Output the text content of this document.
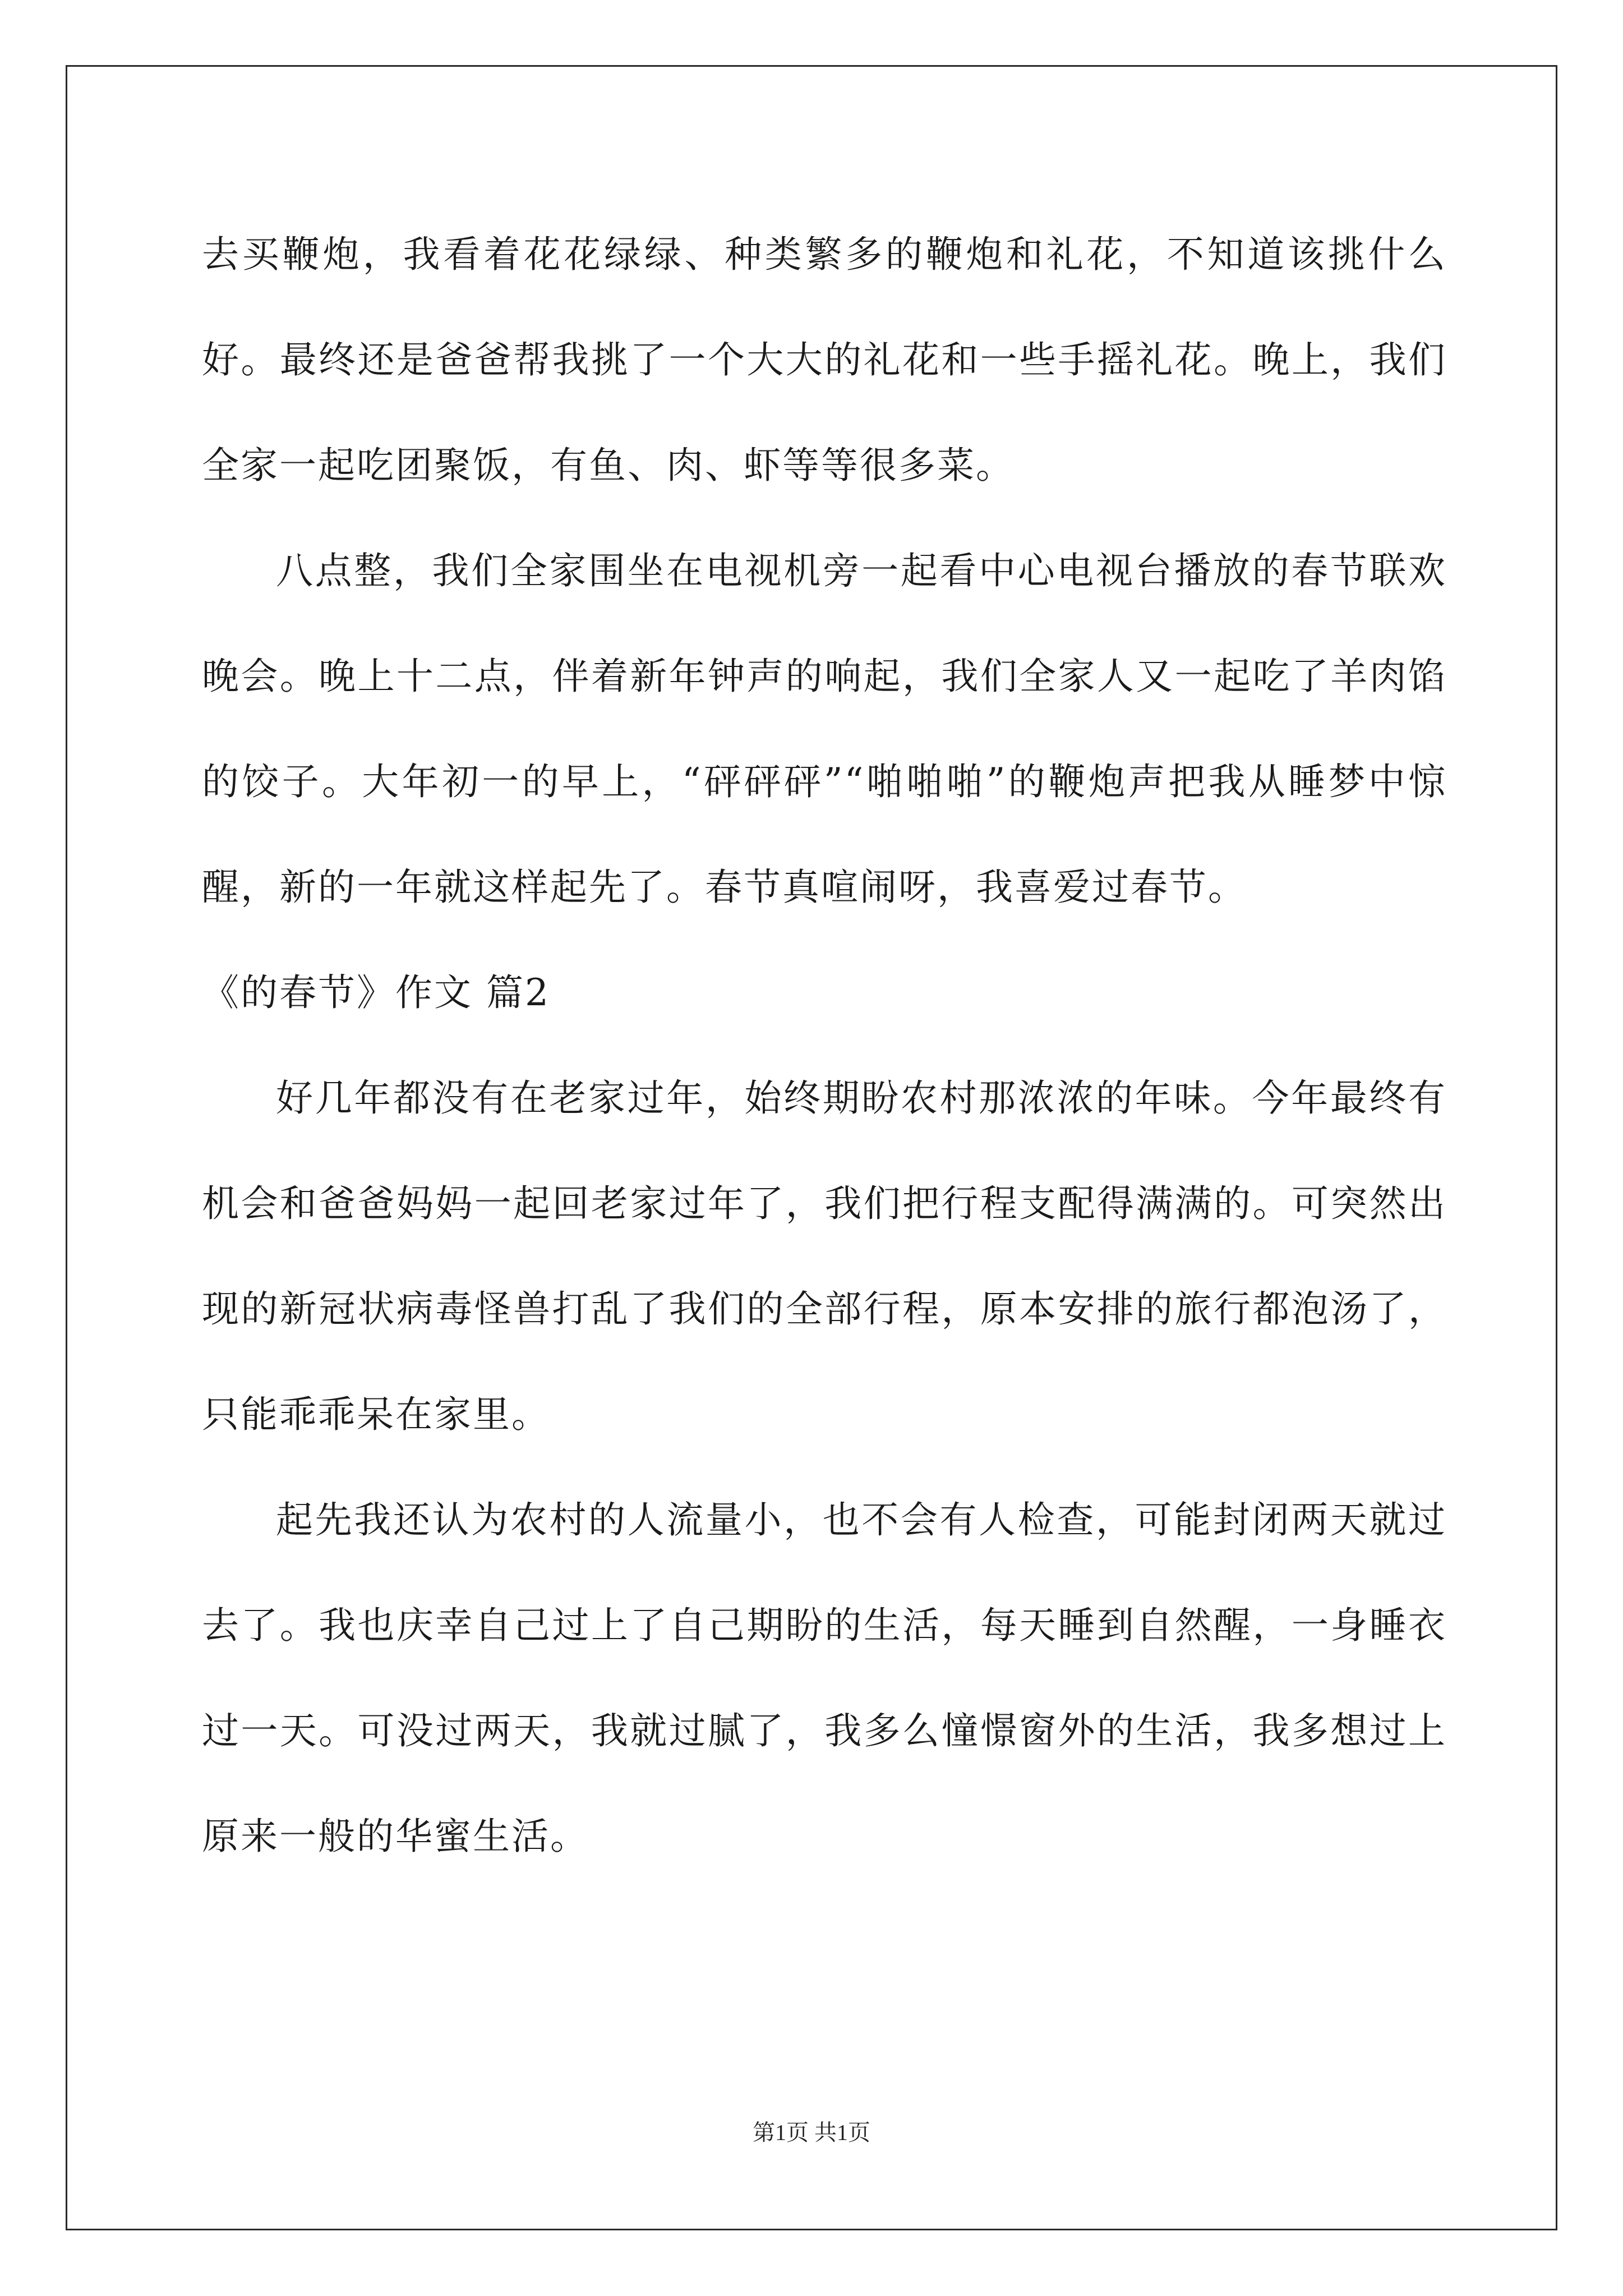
去买鞭炮，我看着花花绿绿、种类繁多的鞭炮和礼花，不知道该挑什么好。最终还是爸爸帮我挑了一个大大的礼花和一些手摇礼花。晚上，我们全家一起吃团聚饭，有鱼、肉、虾等等很多菜。

八点整，我们全家围坐在电视机旁一起看中心电视台播放的春节联欢晚会。晚上十二点，伴着新年钟声的响起，我们全家人又一起吃了羊肉馅的饺子。大年初一的早上，“砰砰砰”“啪啪啪”的鞭炮声把我从睡梦中惊醒，新的一年就这样起先了。春节真喧闹呀，我喜爱过春节。

《的春节》作文 篇2

好几年都没有在老家过年，始终期盼农村那浓浓的年味。今年最终有机会和爸爸妈妈一起回老家过年了，我们把行程支配得满满的。可突然出现的新冠状病毒怪兽打乱了我们的全部行程，原本安排的旅行都泡汤了，只能乖乖呆在家里。

起先我还认为农村的人流量小，也不会有人检查，可能封闭两天就过去了。我也庆幸自己过上了自己期盼的生活，每天睡到自然醒，一身睡衣过一天。可没过两天，我就过腻了，我多么憧憬窗外的生活，我多想过上原来一般的华蜜生活。

第1页 共1页
